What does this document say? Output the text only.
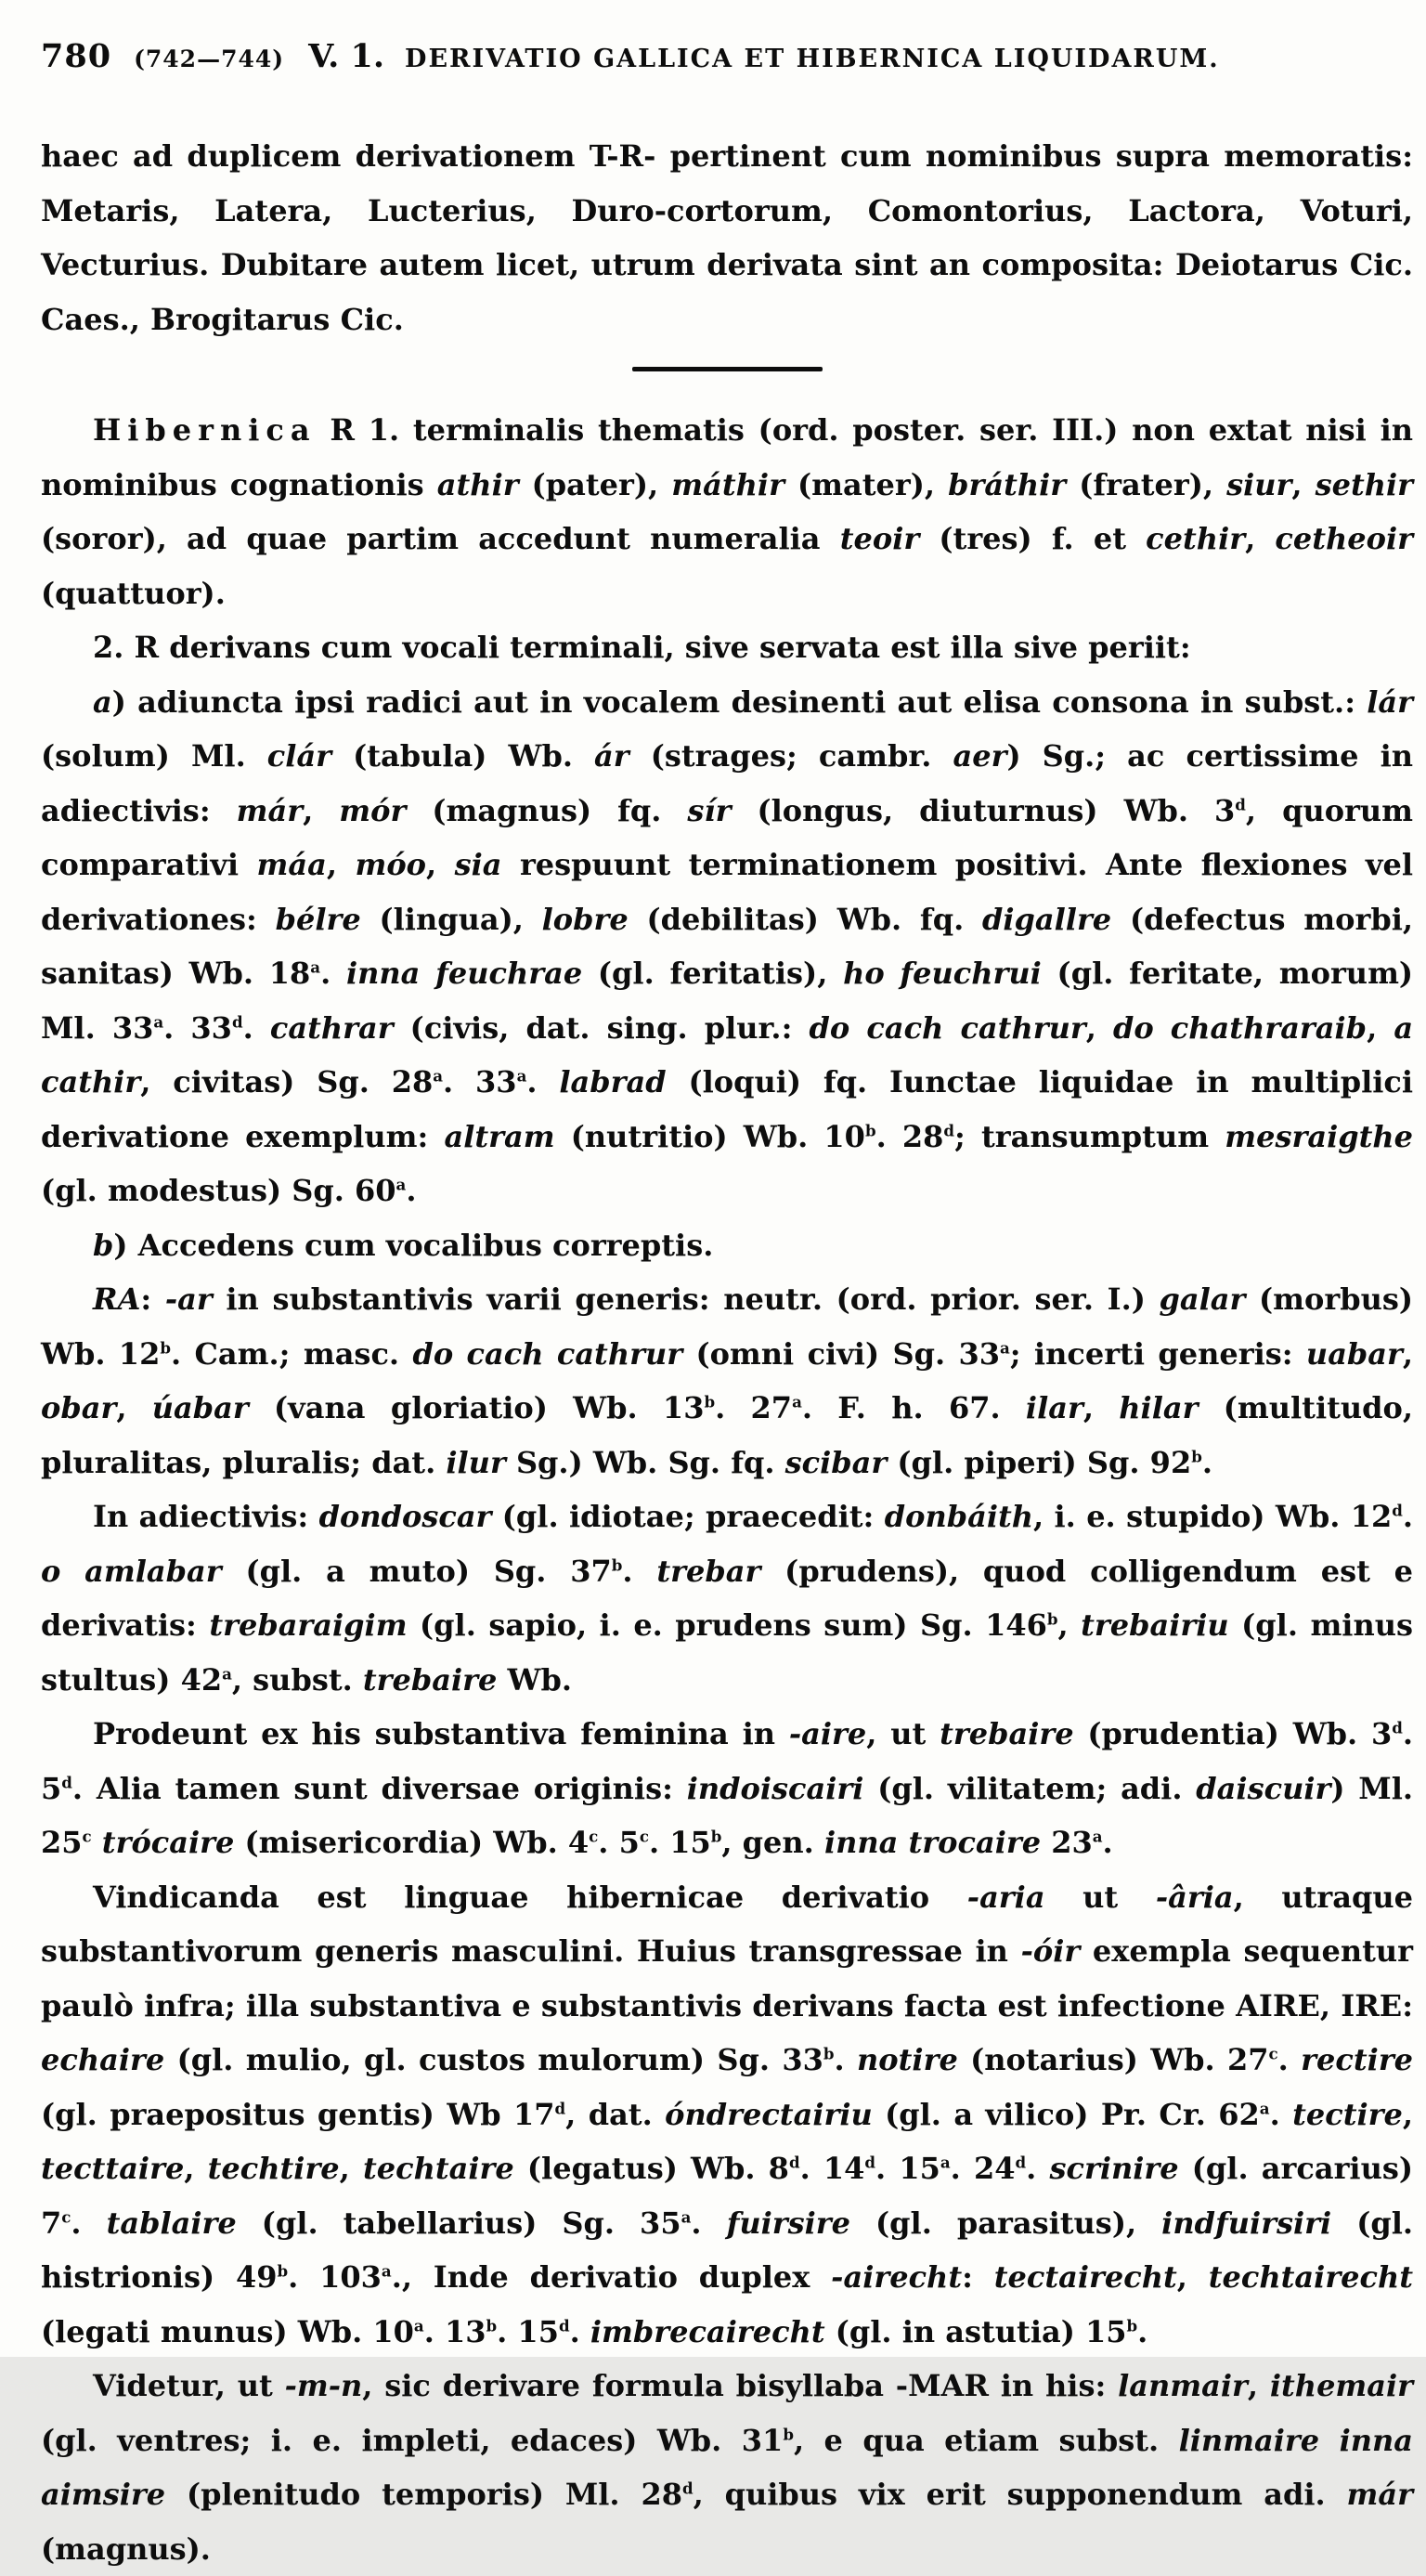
780 (742—744) V. 1. DERIVATIO GALLICA ET HIBERNICA LIQUIDARUM.

haec ad duplicem derivationem T-R- pertinent cum nominibus supra memoratis: Metaris, Latera, Lucterius, Duro-cortorum, Comontorius, Lactora, Voturi, Vecturius. Dubitare autem licet, utrum derivata sint an composita: Deiotarus Cic. Caes., Brogitarus Cic.

Hibernica R 1. terminalis thematis (ord. poster. ser. III.) non extat nisi in nominibus cognationis athir (pater), máthir (mater), bráthir (frater), siur, sethir (soror), ad quae partim accedunt numeralia teoir (tres) f. et cethir, cetheoir (quattuor).

2. R derivans cum vocali terminali, sive servata est illa sive periit:

a) adiuncta ipsi radici aut in vocalem desinenti aut elisa consona in subst.: lár (solum) Ml. clár (tabula) Wb. ár (strages; cambr. aer) Sg.; ac certissime in adiectivis: már, mór (magnus) fq. sír (longus, diuturnus) Wb. 3$^d$, quorum comparativi máa, móo, sia respuunt terminationem positivi. Ante flexiones vel derivationes: bélre (lingua), lobre (debilitas) Wb. fq. digallre (defectus morbi, sanitas) Wb. 18$^a$. inna feuchrae (gl. feritatis), ho feuchrui (gl. feritate, morum) Ml. 33$^a$. 33$^d$. cathrar (civis, dat. sing. plur.: do cach cathrur, do chathraraib, a cathir, civitas) Sg. 28$^a$. 33$^a$. labrad (loqui) fq. Iunctae liquidae in multiplici derivatione exemplum: altram (nutritio) Wb. 10$^b$. 28$^d$; transumptum mesraigthe (gl. modestus) Sg. 60$^a$.

b) Accedens cum vocalibus correptis.

RA: -ar in substantivis varii generis: neutr. (ord. prior. ser. I.) galar (morbus) Wb. 12$^b$. Cam.; masc. do cach cathrur (omni civi) Sg. 33$^a$; incerti generis: uabar, obar, úabar (vana gloriatio) Wb. 13$^b$. 27$^a$. F. h. 67. ilar, hilar (multitudo, pluralitas, pluralis; dat. ilur Sg.) Wb. Sg. fq. scibar (gl. piperi) Sg. 92$^b$.

In adiectivis: dondoscar (gl. idiotae; praecedit: donbáith, i. e. stupido) Wb. 12$^d$. o amlabar (gl. a muto) Sg. 37$^b$. trebar (prudens), quod colligendum est e derivatis: trebaraigim (gl. sapio, i. e. prudens sum) Sg. 146$^b$, trebairiu (gl. minus stultus) 42$^a$, subst. trebaire Wb.

Prodeunt ex his substantiva feminina in -aire, ut trebaire (prudentia) Wb. 3$^d$. 5$^d$. Alia tamen sunt diversae originis: indoiscairi (gl. vilitatem; adi. daiscuir) Ml. 25$^c$ trócaire (misericordia) Wb. 4$^c$. 5$^c$. 15$^b$, gen. inna trocaire 23$^a$.

Vindicanda est linguae hibernicae derivatio -aria ut -âria, utraque substantivorum generis masculini. Huius transgressae in -óir exempla sequentur paulò infra; illa substantiva e substantivis derivans facta est infectione AIRE, IRE: echaire (gl. mulio, gl. custos mulorum) Sg. 33$^b$. notire (notarius) Wb. 27$^c$. rectire (gl. praepositus gentis) Wb 17$^d$, dat. óndrectairiu (gl. a vilico) Pr. Cr. 62$^a$. tectire, tecttaire, techtire, techtaire (legatus) Wb. 8$^d$. 14$^d$. 15$^a$. 24$^d$. scrinire (gl. arcarius) 7$^c$. tablaire (gl. tabellarius) Sg. 35$^a$. fuirsire (gl. parasitus), indfuirsiri (gl. histrionis) 49$^b$. 103$^a$., Inde derivatio duplex -airecht: tectairecht, techtairecht (legati munus) Wb. 10$^a$. 13$^b$. 15$^d$. imbrecairecht (gl. in astutia) 15$^b$.

Videtur, ut -m-n, sic derivare formula bisyllaba -MAR in his: lanmair, ithemair (gl. ventres; i. e. impleti, edaces) Wb. 31$^b$, e qua etiam subst. linmaire inna aimsire (plenitudo temporis) Ml. 28$^d$, quibus vix erit supponendum adi. már (magnus).
